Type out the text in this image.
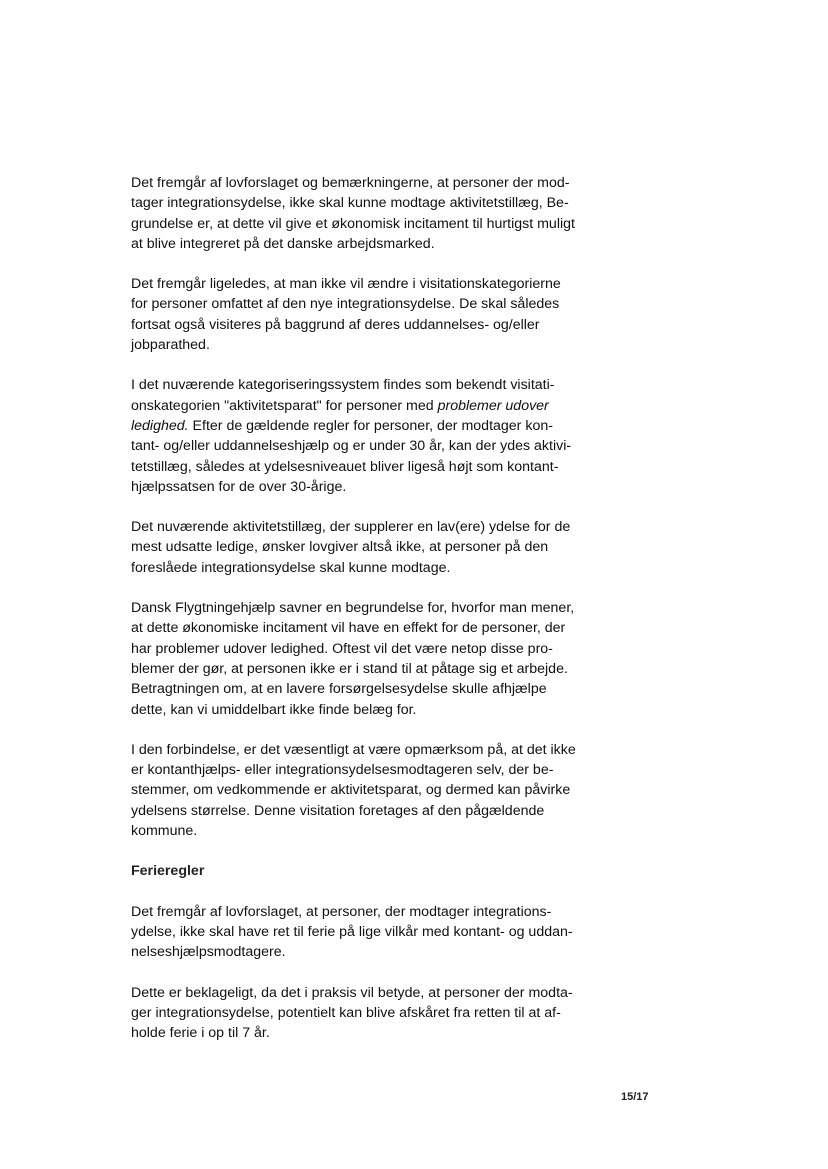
Det fremgår af lovforslaget og bemærkningerne, at personer der mod-
tager integrationsydelse, ikke skal kunne modtage aktivitetstillæg, Be-
grundelse er, at dette vil give et økonomisk incitament til hurtigst muligt
at blive integreret på det danske arbejdsmarked.

Det fremgår ligeledes, at man ikke vil ændre i visitationskategorierne
for personer omfattet af den nye integrationsydelse. De skal således
fortsat også visiteres på baggrund af deres uddannelses- og/eller
jobparathed.

I det nuværende kategoriseringssystem findes som bekendt visitati-
onskategorien "aktivitetsparat" for personer med problemer udover
ledighed. Efter de gældende regler for personer, der modtager kon-
tant- og/eller uddannelseshjælp og er under 30 år, kan der ydes aktivi-
tetstillæg, således at ydelsesniveauet bliver ligeså højt som kontant-
hjælpssatsen for de over 30-årige.

Det nuværende aktivitetstillæg, der supplerer en lav(ere) ydelse for de
mest udsatte ledige, ønsker lovgiver altså ikke, at personer på den
foreslåede integrationsydelse skal kunne modtage.

Dansk Flygtningehjælp savner en begrundelse for, hvorfor man mener,
at dette økonomiske incitament vil have en effekt for de personer, der
har problemer udover ledighed. Oftest vil det være netop disse pro-
blemer der gør, at personen ikke er i stand til at påtage sig et arbejde.
Betragtningen om, at en lavere forsørgelsesydelse skulle afhjælpe
dette, kan vi umiddelbart ikke finde belæg for.

I den forbindelse, er det væsentligt at være opmærksom på, at det ikke
er kontanthjælps- eller integrationsydelsesmodtageren selv, der be-
stemmer, om vedkommende er aktivitetsparat, og dermed kan påvirke
ydelsens størrelse. Denne visitation foretages af den pågældende
kommune.

Ferieregler

Det fremgår af lovforslaget, at personer, der modtager integrations-
ydelse, ikke skal have ret til ferie på lige vilkår med kontant- og uddan-
nelseshjælpsmodtagere.

Dette er beklageligt, da det i praksis vil betyde, at personer der modta-
ger integrationsydelse, potentielt kan blive afskåret fra retten til at af-
holde ferie i op til 7 år.

15/17
